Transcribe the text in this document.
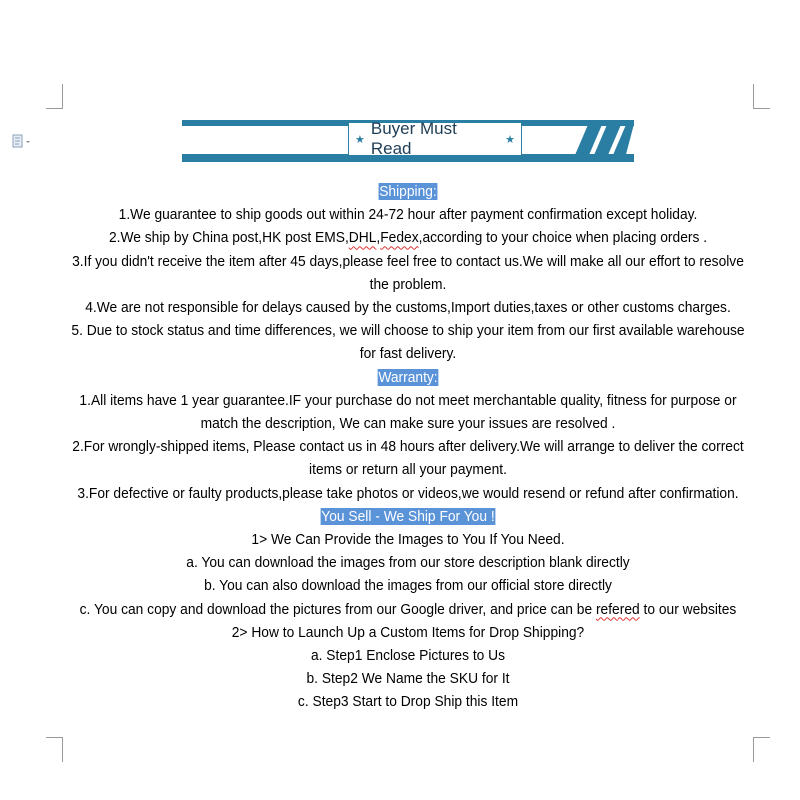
★
Buyer Must Read	★

Shipping:

1.We guarantee to ship goods out within 24-72 hour after payment confirmation except holiday.

2.We ship by China post,HK post EMS,DHL,Fedex,according to your choice when placing orders .

3.If you didn't receive the item after 45 days,please feel free to contact us.We will make all our effort to resolve the problem.

4.We are not responsible for delays caused by the customs,Import duties,taxes or other customs charges.

5. Due to stock status and time differences, we will choose to ship your item from our first available warehouse for fast delivery.

Warranty:

1.All items have 1 year guarantee.IF your purchase do not meet merchantable quality, fitness for purpose or match the description, We can make sure your issues are resolved .

2.For wrongly-shipped items, Please contact us in 48 hours after delivery.We will arrange to deliver the correct items or return all your payment.

3.For defective or faulty products,please take photos or videos,we would resend or refund after confirmation.

You Sell - We Ship For You !

1> We Can Provide the Images to You If You Need.

a. You can download the images from our store description blank directly

b. You can also download the images from our official store directly

c. You can copy and download the pictures from our Google driver, and price can be refered to our websites

2> How to Launch Up a Custom Items for Drop Shipping?

a. Step1 Enclose Pictures to Us

b. Step2 We Name the SKU for It

c. Step3 Start to Drop Ship this Item
